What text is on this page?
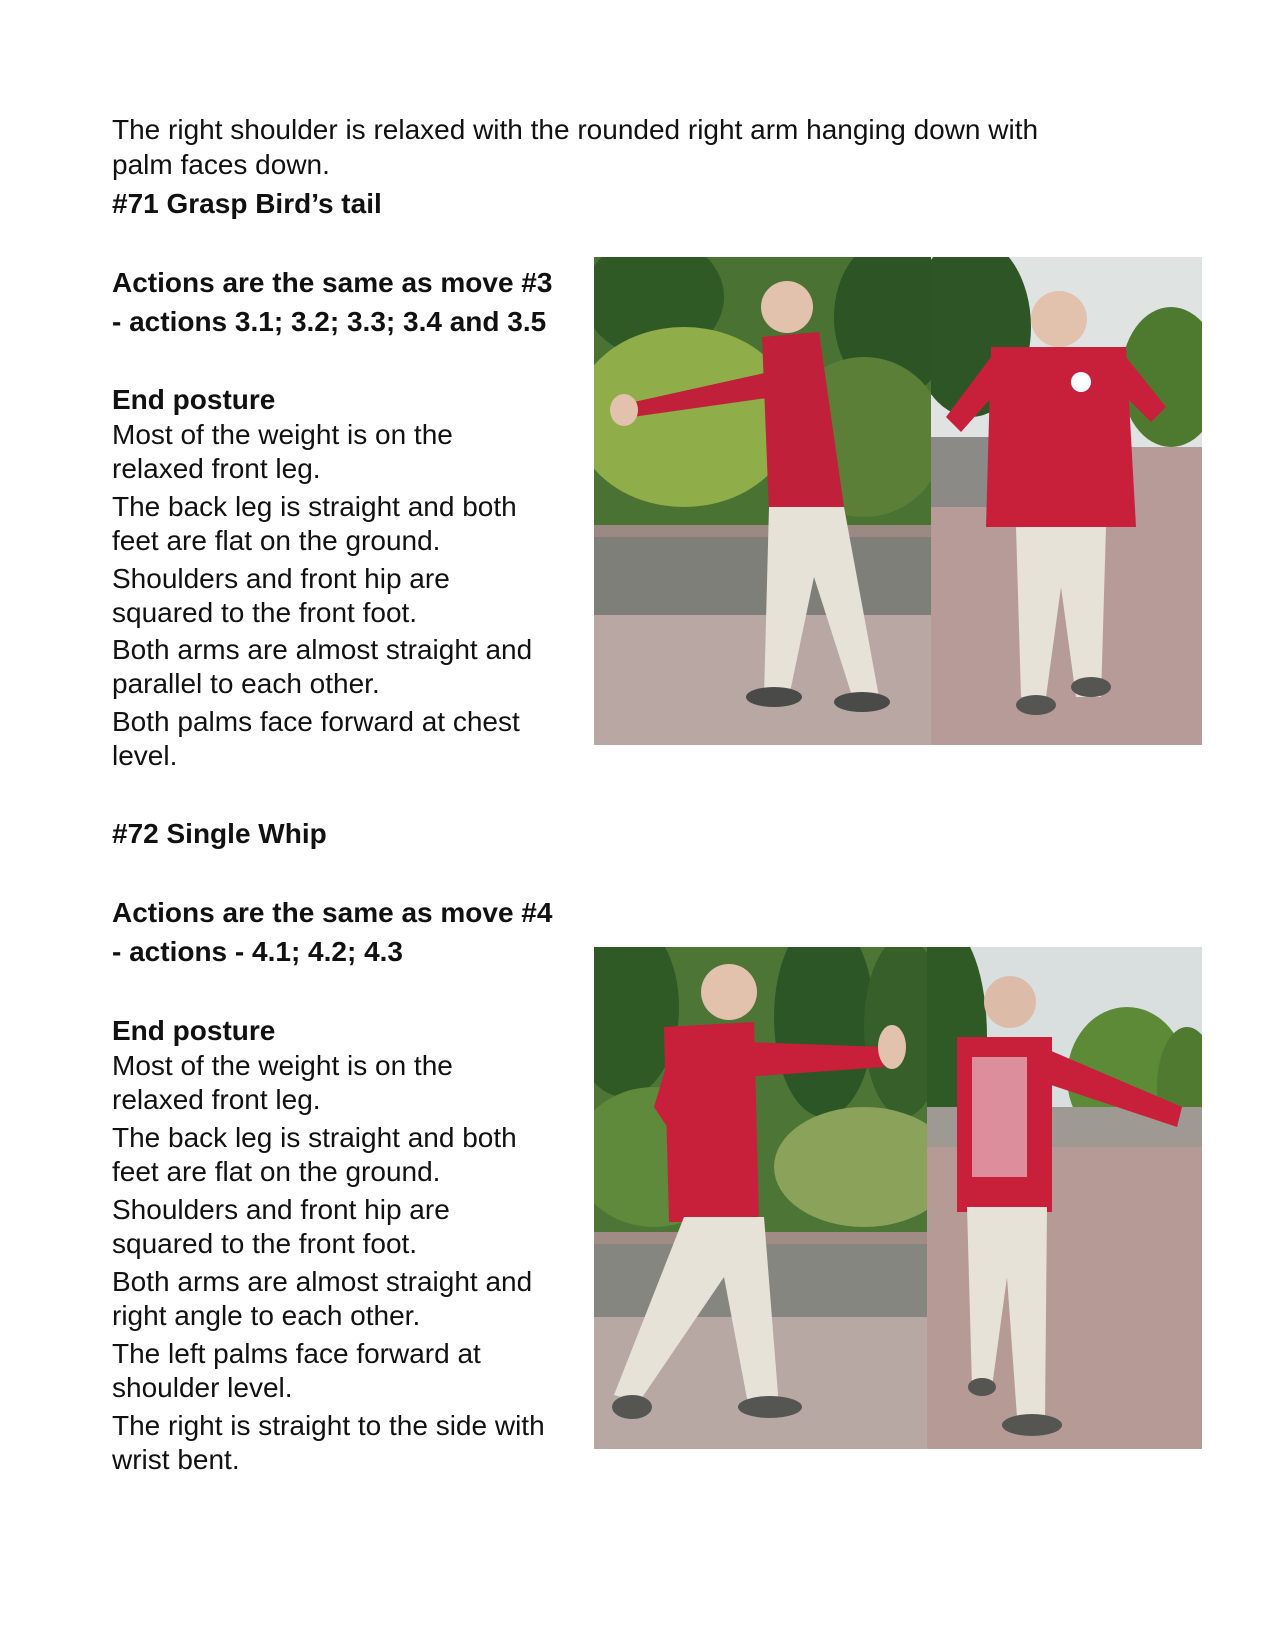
The right shoulder is relaxed with the rounded right arm hanging down with

palm faces down.

#71 Grasp Bird’s tail

Actions are the same as move #3

- actions 3.1; 3.2; 3.3; 3.4 and 3.5

End posture

Most of the weight is on the

relaxed front leg.

The back leg is straight and both

feet are flat on the ground.

Shoulders and front hip are

squared to the front foot.

Both arms are almost straight and

parallel to each other.

Both palms face forward at chest

level.

#72 Single Whip

Actions are the same as move #4

- actions - 4.1; 4.2; 4.3

End posture

Most of the weight is on the

relaxed front leg.

The back leg is straight and both

feet are flat on the ground.

Shoulders and front hip are

squared to the front foot.

Both arms are almost straight and

right angle to each other.

The left palms face forward at

shoulder level.

The right is straight to the side with

wrist bent.
